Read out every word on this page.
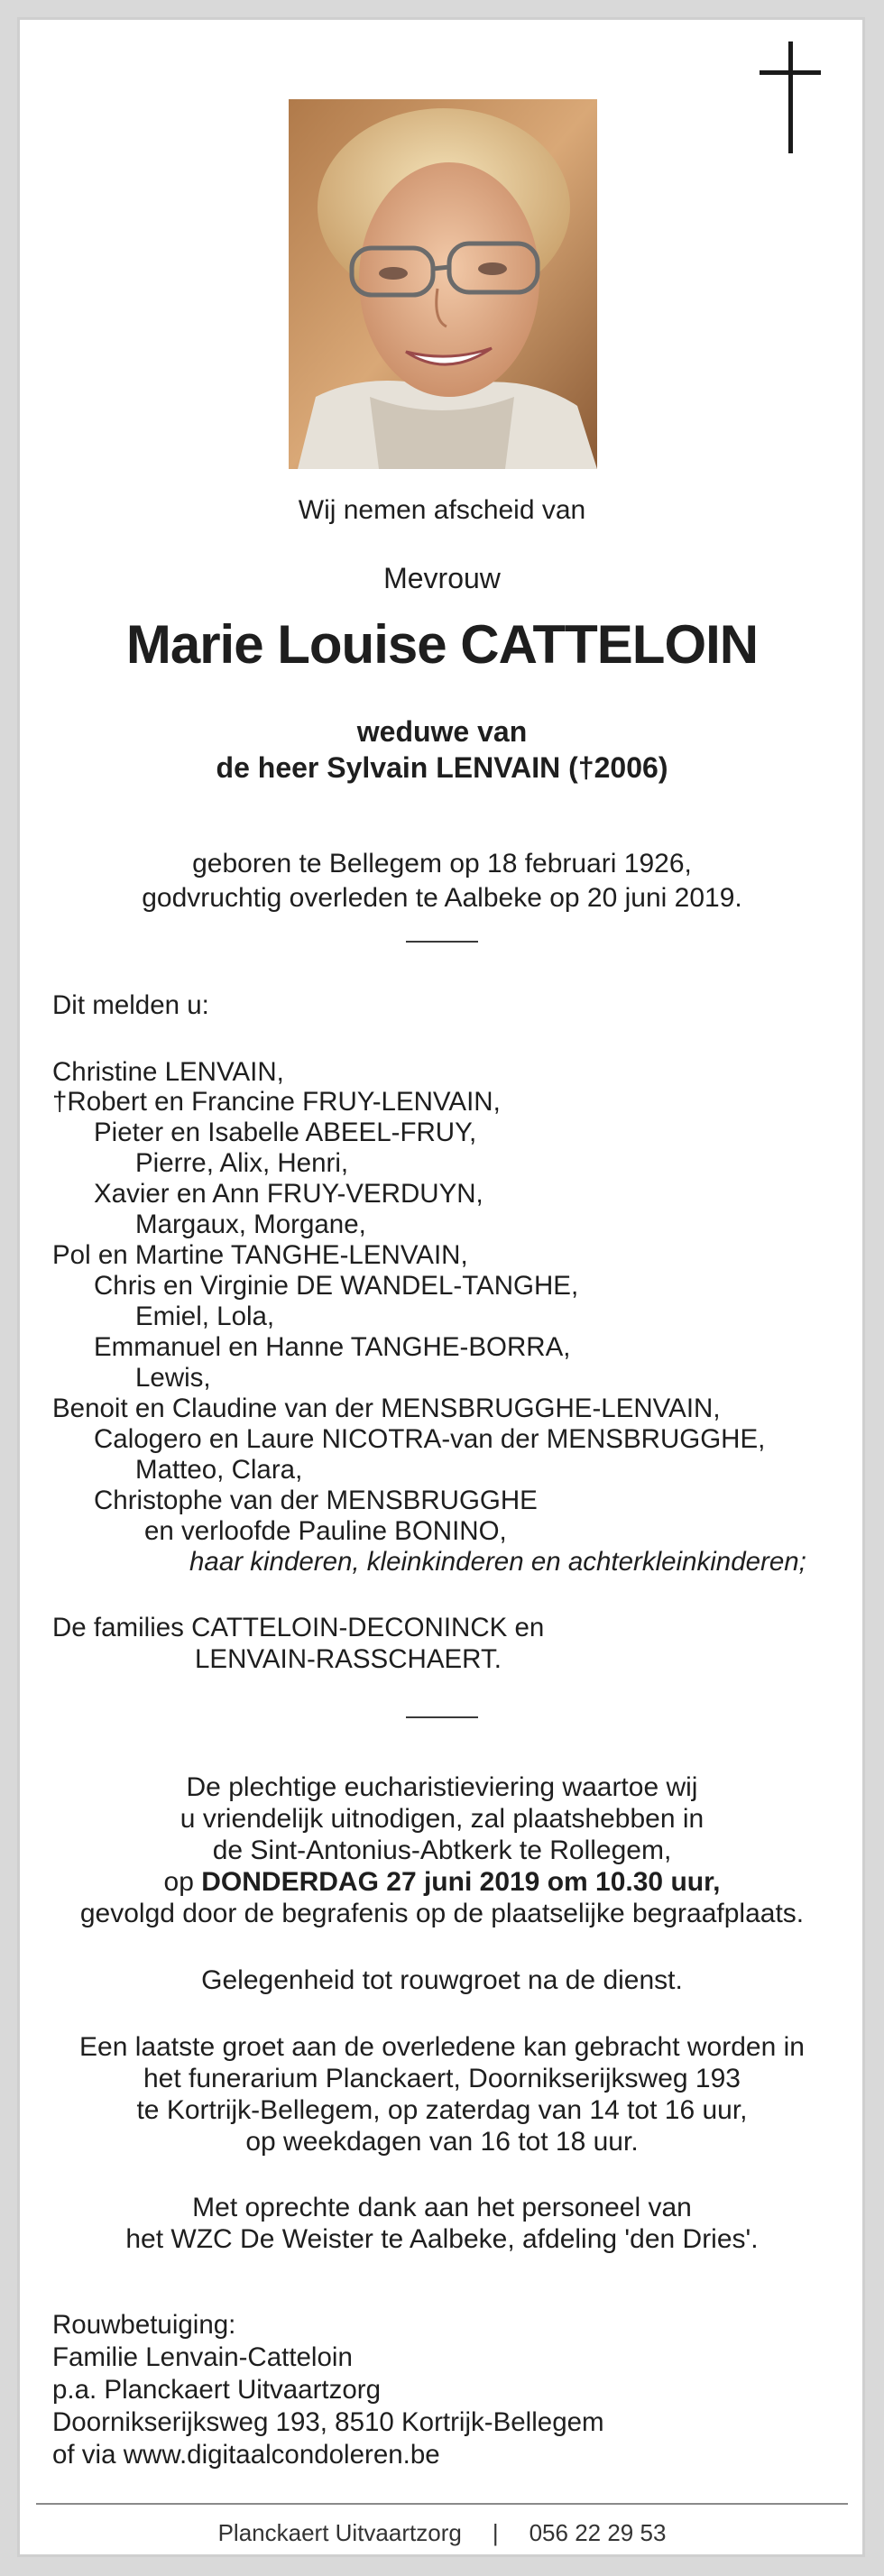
Wij nemen afscheid van
Mevrouw
Marie Louise CATTELOIN
weduwe van
de heer Sylvain LENVAIN (†2006)
geboren te Bellegem op 18 februari 1926,
godvruchtig overleden te Aalbeke op 20 juni 2019.
Dit melden u:
Christine LENVAIN,
†Robert en Francine FRUY-LENVAIN,
Pieter en Isabelle ABEEL-FRUY,
Pierre, Alix, Henri,
Xavier en Ann FRUY-VERDUYN,
Margaux, Morgane,
Pol en Martine TANGHE-LENVAIN,
Chris en Virginie DE WANDEL-TANGHE,
Emiel, Lola,
Emmanuel en Hanne TANGHE-BORRA,
Lewis,
Benoit en Claudine van der MENSBRUGGHE-LENVAIN,
Calogero en Laure NICOTRA-van der MENSBRUGGHE,
Matteo, Clara,
Christophe van der MENSBRUGGHE
en verloofde Pauline BONINO,
haar kinderen, kleinkinderen en achterkleinkinderen;
De families CATTELOIN-DECONINCK en
LENVAIN-RASSCHAERT.
De plechtige eucharistieviering waartoe wij
u vriendelijk uitnodigen, zal plaatshebben in
de Sint-Antonius-Abtkerk te Rollegem,
op DONDERDAG 27 juni 2019 om 10.30 uur,
gevolgd door de begrafenis op de plaatselijke begraafplaats.
Gelegenheid tot rouwgroet na de dienst.
Een laatste groet aan de overledene kan gebracht worden in
het funerarium Planckaert, Doornikserijksweg 193
te Kortrijk-Bellegem, op zaterdag van 14 tot 16 uur,
op weekdagen van 16 tot 18 uur.
Met oprechte dank aan het personeel van
het WZC De Weister te Aalbeke, afdeling 'den Dries'.
Rouwbetuiging:
Familie Lenvain-Catteloin
p.a. Planckaert Uitvaartzorg
Doornikserijksweg 193, 8510 Kortrijk-Bellegem
of via www.digitaalcondoleren.be
Planckaert Uitvaartzorg | 056 22 29 53
